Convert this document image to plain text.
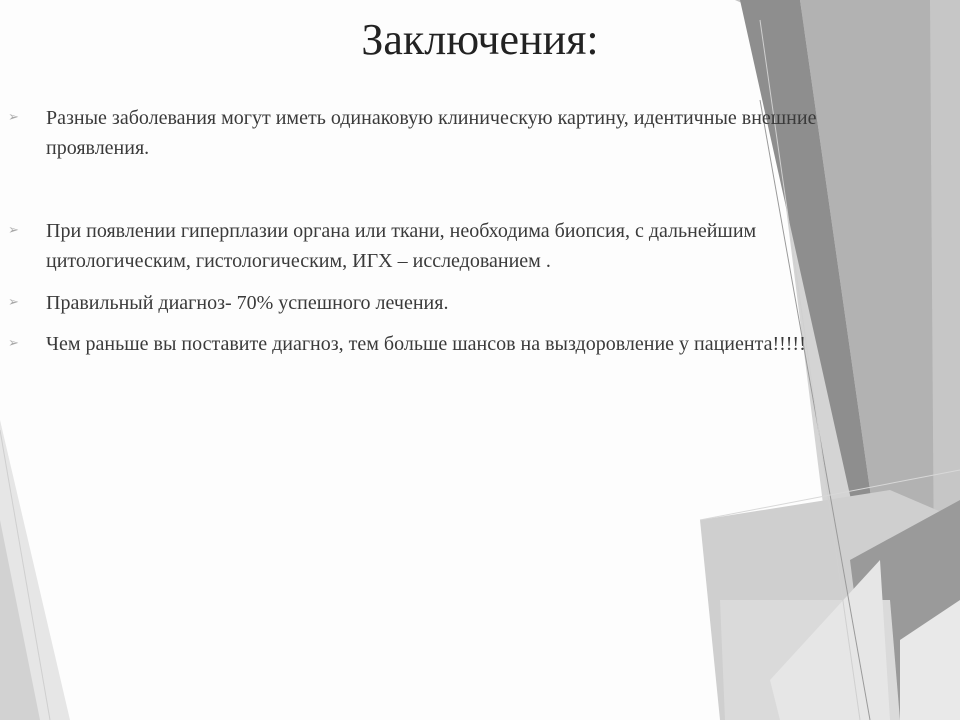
Заключения:
➢ Разные заболевания могут иметь одинаковую клиническую картину, идентичные внешние проявления.
➢ При появлении гиперплазии органа или ткани, необходима биопсия, с дальнейшим цитологическим, гистологическим, ИГХ – исследованием .
➢ Правильный диагноз- 70% успешного лечения.
➢ Чем раньше вы поставите диагноз, тем больше шансов на выздоровление у пациента!!!!!
